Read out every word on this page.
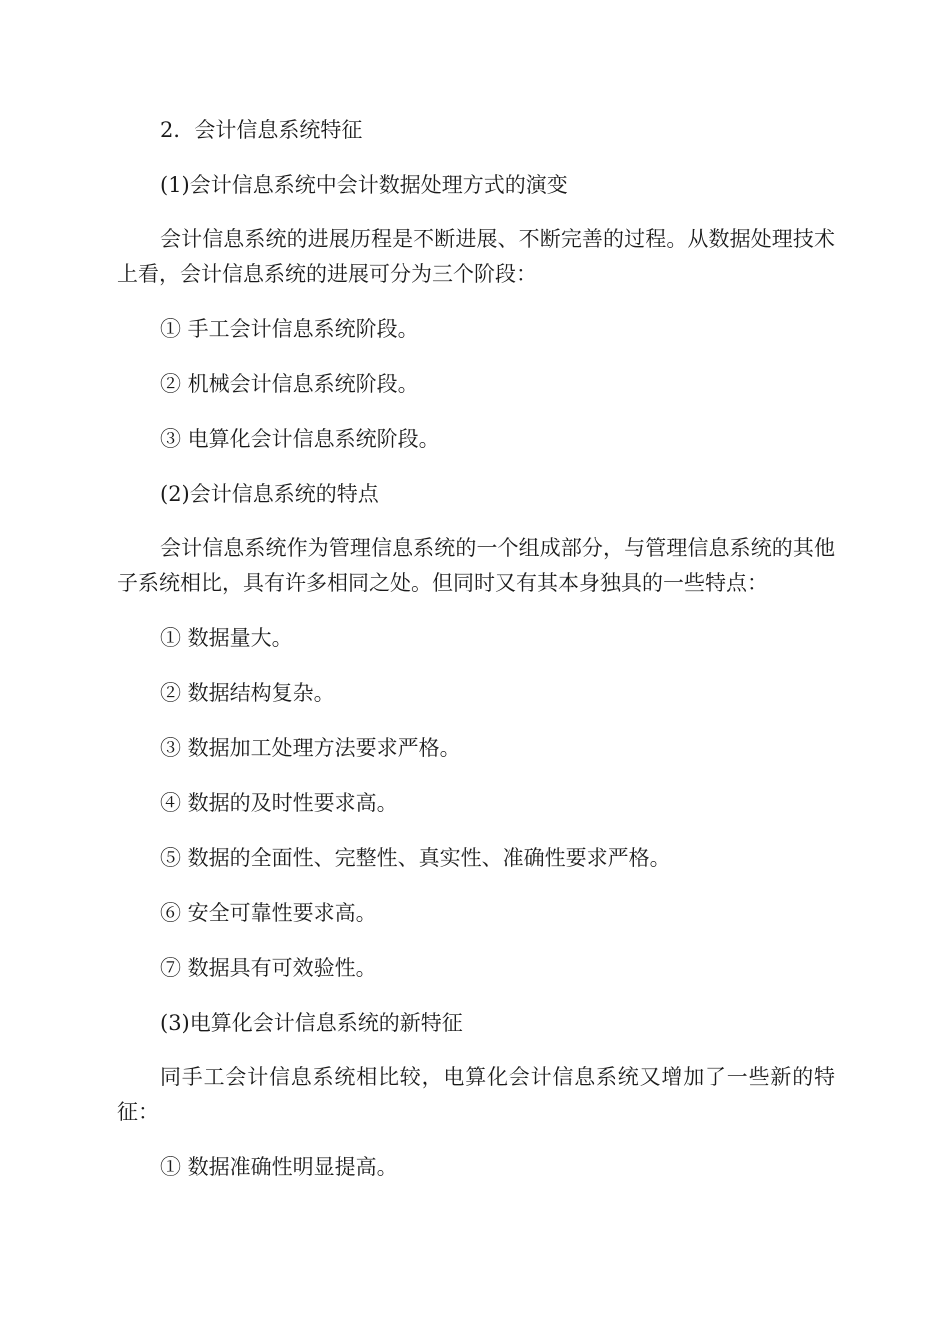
2．会计信息系统特征

(1)会计信息系统中会计数据处理方式的演变

会计信息系统的进展历程是不断进展、不断完善的过程。从数据处理技术上看，会计信息系统的进展可分为三个阶段：

① 手工会计信息系统阶段。

② 机械会计信息系统阶段。

③ 电算化会计信息系统阶段。

(2)会计信息系统的特点

会计信息系统作为管理信息系统的一个组成部分，与管理信息系统的其他子系统相比，具有许多相同之处。但同时又有其本身独具的一些特点：

① 数据量大。

② 数据结构复杂。

③ 数据加工处理方法要求严格。

④ 数据的及时性要求高。

⑤ 数据的全面性、完整性、真实性、准确性要求严格。

⑥ 安全可靠性要求高。

⑦ 数据具有可效验性。

(3)电算化会计信息系统的新特征

同手工会计信息系统相比较，电算化会计信息系统又增加了一些新的特征：

① 数据准确性明显提高。
